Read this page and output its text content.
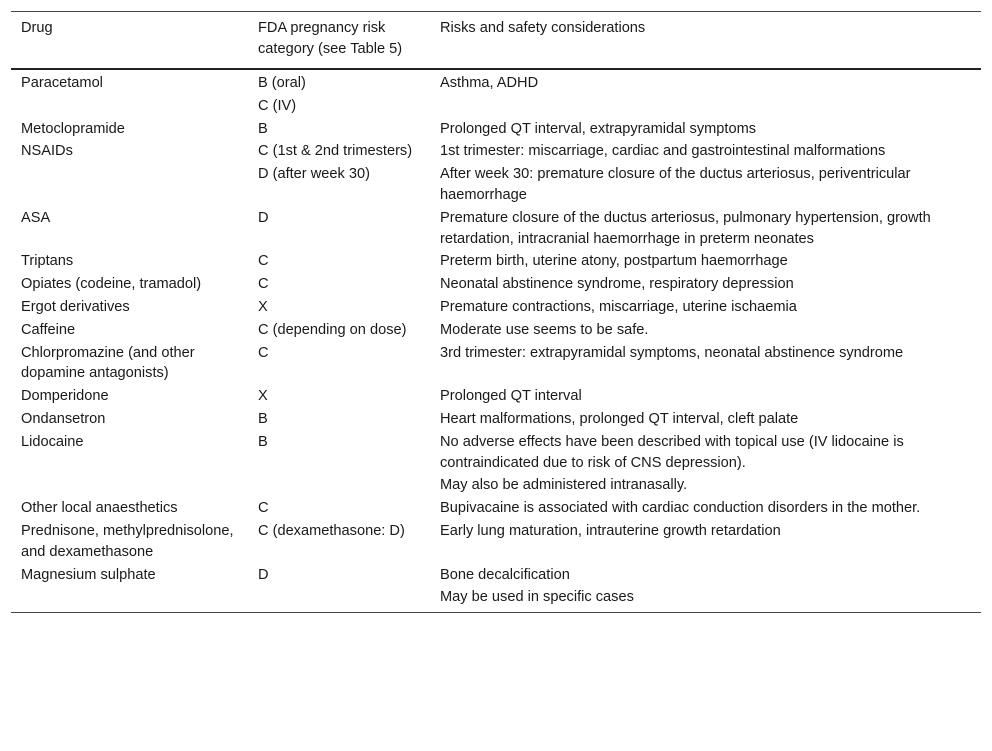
Drug	FDA pregnancy risk category (see Table 5)	Risks and safety considerations
Paracetamol	B (oral)	Asthma, ADHD
	C (IV)	
Metoclopramide	B	Prolonged QT interval, extrapyramidal symptoms
NSAIDs	C (1st & 2nd trimesters)	1st trimester: miscarriage, cardiac and gastrointestinal malformations
	D (after week 30)	After week 30: premature closure of the ductus arteriosus, periventricular haemorrhage
ASA	D	Premature closure of the ductus arteriosus, pulmonary hypertension, growth retardation, intracranial haemorrhage in preterm neonates
Triptans	C	Preterm birth, uterine atony, postpartum haemorrhage
Opiates (codeine, tramadol)	C	Neonatal abstinence syndrome, respiratory depression
Ergot derivatives	X	Premature contractions, miscarriage, uterine ischaemia
Caffeine	C (depending on dose)	Moderate use seems to be safe.
Chlorpromazine (and other dopamine antagonists)	C	3rd trimester: extrapyramidal symptoms, neonatal abstinence syndrome
Domperidone	X	Prolonged QT interval
Ondansetron	B	Heart malformations, prolonged QT interval, cleft palate
Lidocaine	B	No adverse effects have been described with topical use (IV lidocaine is contraindicated due to risk of CNS depression).
		May also be administered intranasally.
Other local anaesthetics	C	Bupivacaine is associated with cardiac conduction disorders in the mother.
Prednisone, methylprednisolone, and dexamethasone	C (dexamethasone: D)	Early lung maturation, intrauterine growth retardation
Magnesium sulphate	D	Bone decalcification
		May be used in specific cases
